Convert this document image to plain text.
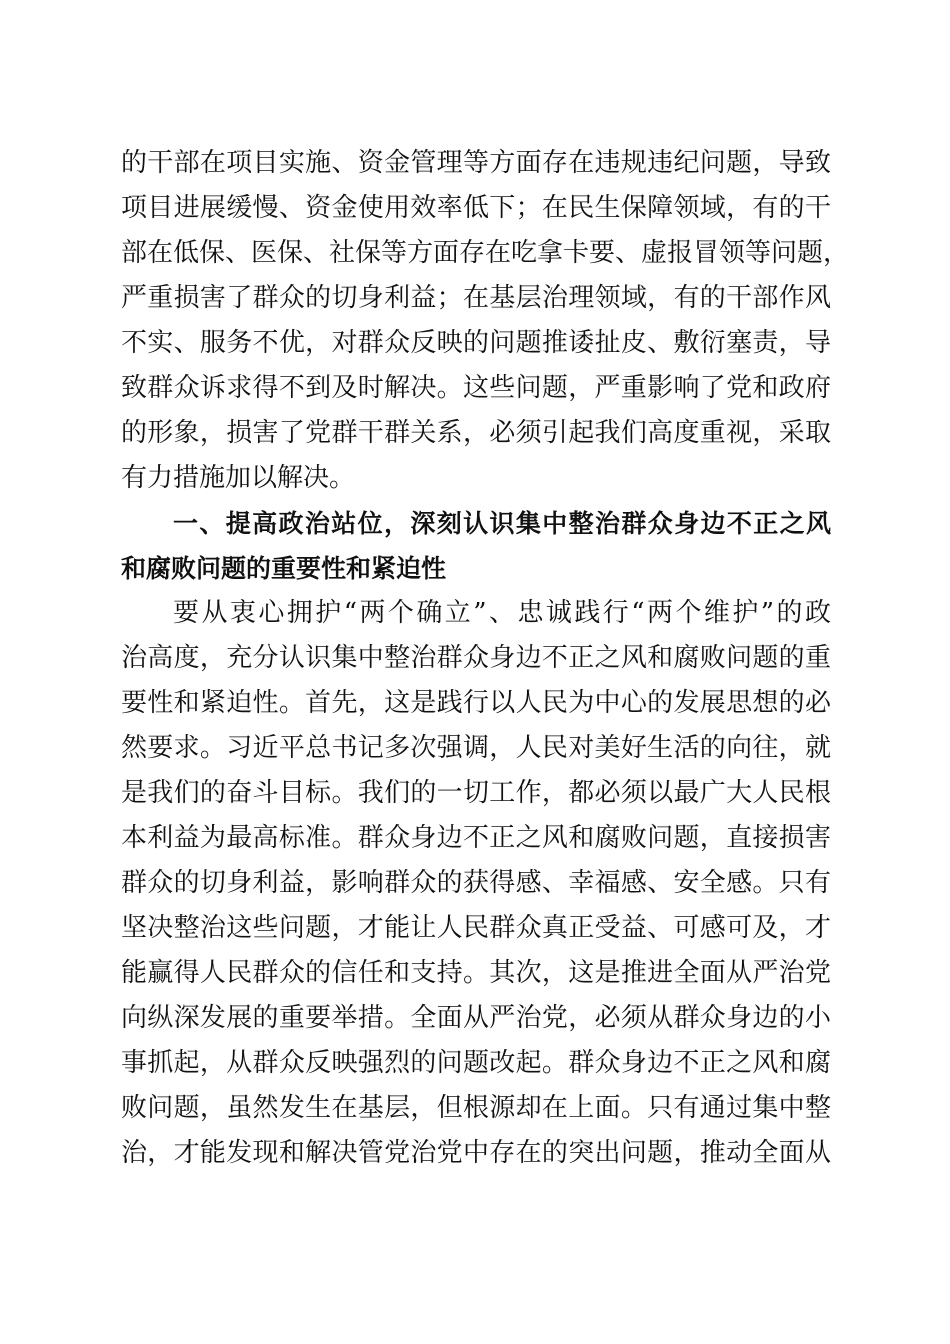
的干部在项目实施、资金管理等方面存在违规违纪问题，导致
项目进展缓慢、资金使用效率低下；在民生保障领域，有的干
部在低保、医保、社保等方面存在吃拿卡要、虚报冒领等问题，
严重损害了群众的切身利益；在基层治理领域，有的干部作风
不实、服务不优，对群众反映的问题推诿扯皮、敷衍塞责，导
致群众诉求得不到及时解决。这些问题，严重影响了党和政府
的形象，损害了党群干群关系，必须引起我们高度重视，采取
有力措施加以解决。
一、提高政治站位，深刻认识集中整治群众身边不正之风
和腐败问题的重要性和紧迫性
要从衷心拥护“两个确立”、忠诚践行“两个维护”的政
治高度，充分认识集中整治群众身边不正之风和腐败问题的重
要性和紧迫性。首先，这是践行以人民为中心的发展思想的必
然要求。习近平总书记多次强调，人民对美好生活的向往，就
是我们的奋斗目标。我们的一切工作，都必须以最广大人民根
本利益为最高标准。群众身边不正之风和腐败问题，直接损害
群众的切身利益，影响群众的获得感、幸福感、安全感。只有
坚决整治这些问题，才能让人民群众真正受益、可感可及，才
能赢得人民群众的信任和支持。其次，这是推进全面从严治党
向纵深发展的重要举措。全面从严治党，必须从群众身边的小
事抓起，从群众反映强烈的问题改起。群众身边不正之风和腐
败问题，虽然发生在基层，但根源却在上面。只有通过集中整
治，才能发现和解决管党治党中存在的突出问题，推动全面从
